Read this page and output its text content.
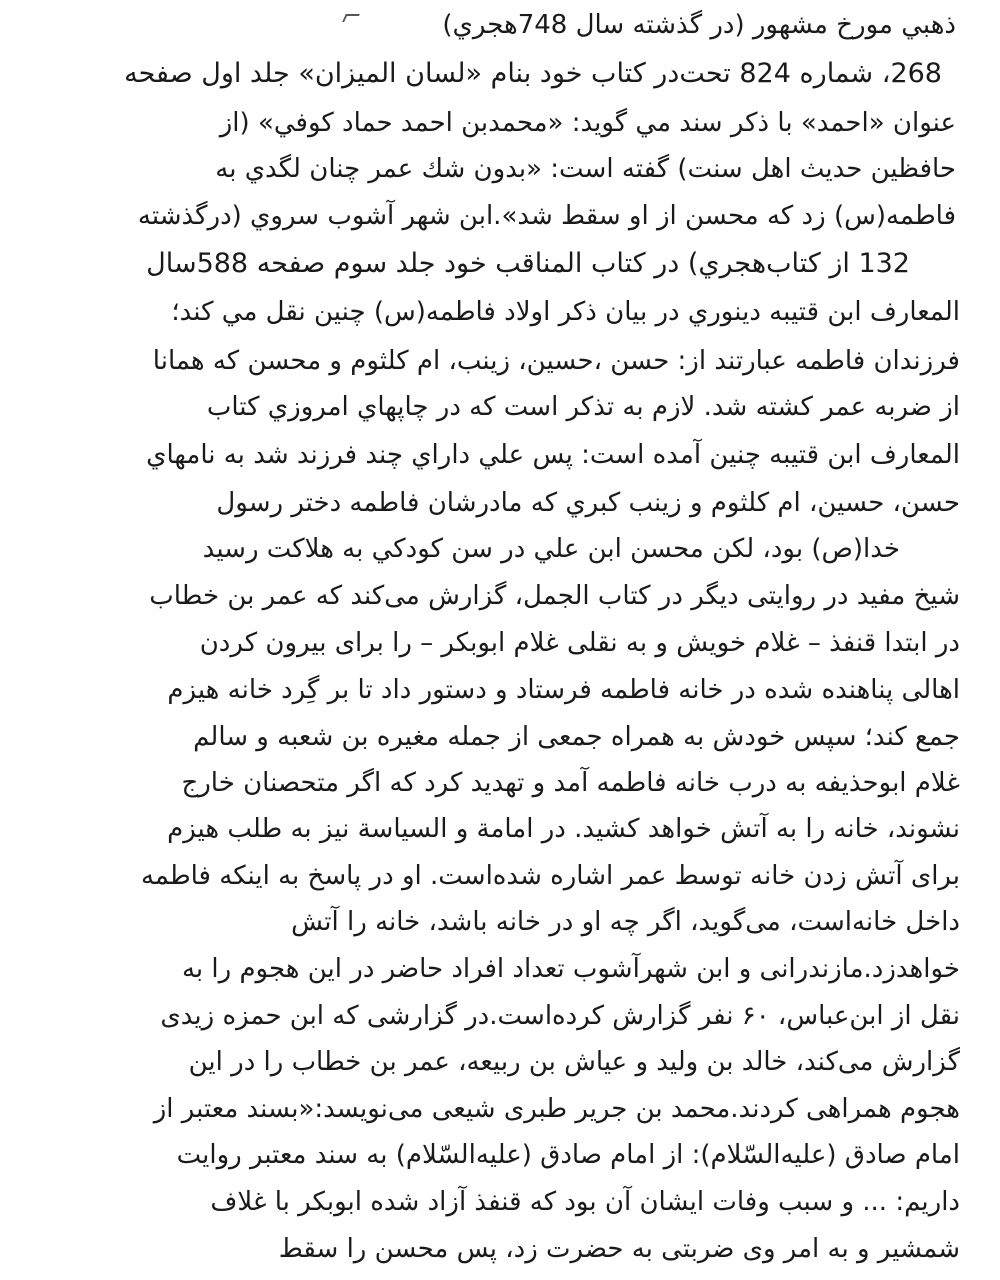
ذهبي مورخ مشهور (در گذشته سال 748هجري)
268، شماره 824 تحت‌در كتاب خود بنام «لسان الميزان» جلد اول صفحه
عنوان «احمد» با ذكر سند مي گويد: «محمدبن احمد حماد كوفي» (از
حافظين حديث اهل سنت) گفته است: «بدون شك عمر چنان لگدي به
فاطمه(س) زد كه محسن از او سقط شد».ابن شهر آشوب سروي (درگذشته
132 از كتاب‌هجري) در كتاب المناقب خود جلد سوم صفحه 588سال
المعارف ابن قتيبه دينوري در بيان ذكر اولاد فاطمه(س) چنين نقل مي كند؛
فرزندان فاطمه عبارتند از: حسن ،حسين، زينب، ام كلثوم و محسن كه همانا
از ضربه عمر كشته شد. لازم به تذكر است كه در چاپهاي امروزي كتاب
المعارف ابن قتيبه چنين آمده است: پس علي داراي چند فرزند شد به نامهاي
حسن، حسين، ام كلثوم و زينب كبري كه مادرشان فاطمه دختر رسول
خدا(ص) بود، لكن محسن ابن علي در سن كودكي به هلاكت رسيد
شیخ مفید در روایتی دیگر در کتاب الجمل، گزارش می‌کند که عمر بن خطاب
در ابتدا قنفذ – غلام خویش و به نقلی غلام ابوبکر – را برای بیرون کردن
اهالی پناهنده شده در خانه فاطمه فرستاد و دستور داد تا بر گِرد خانه هیزم
جمع کند؛ سپس خودش به همراه جمعی از جمله مغیره بن شعبه و سالم
غلام ابوحذیفه به درب خانه فاطمه آمد و تهدید کرد که اگر متحصنان خارج
نشوند، خانه را به آتش خواهد کشید. در امامة و السیاسة نیز به طلب هیزم
برای آتش زدن خانه توسط عمر اشاره شده‌است. او در پاسخ به اینکه فاطمه
داخل خانه‌است، می‌گوید، اگر چه او در خانه باشد، خانه را آتش
خواهدزد.مازندرانی و ابن شهرآشوب تعداد افراد حاضر در این هجوم را به
نقل از ابن‌عباس، ۶۰ نفر گزارش کرده‌است.در گزارشی که ابن حمزه زیدی
گزارش می‌کند، خالد بن ولید و عیاش بن ربیعه، عمر بن خطاب را در این
هجوم همراهی کردند.محمد بن جریر طبری شیعی می‌نویسد:«بسند معتبر از
امام صادق (علیه‌السّلام): از امام صادق (علیه‌السّلام) به سند معتبر روایت
داریم: ... و سبب وفات ایشان آن بود که قنفذ آزاد شده ابوبکر با غلاف
شمشیر و به امر وی ضربتی به حضرت زد، پس محسن را سقط
